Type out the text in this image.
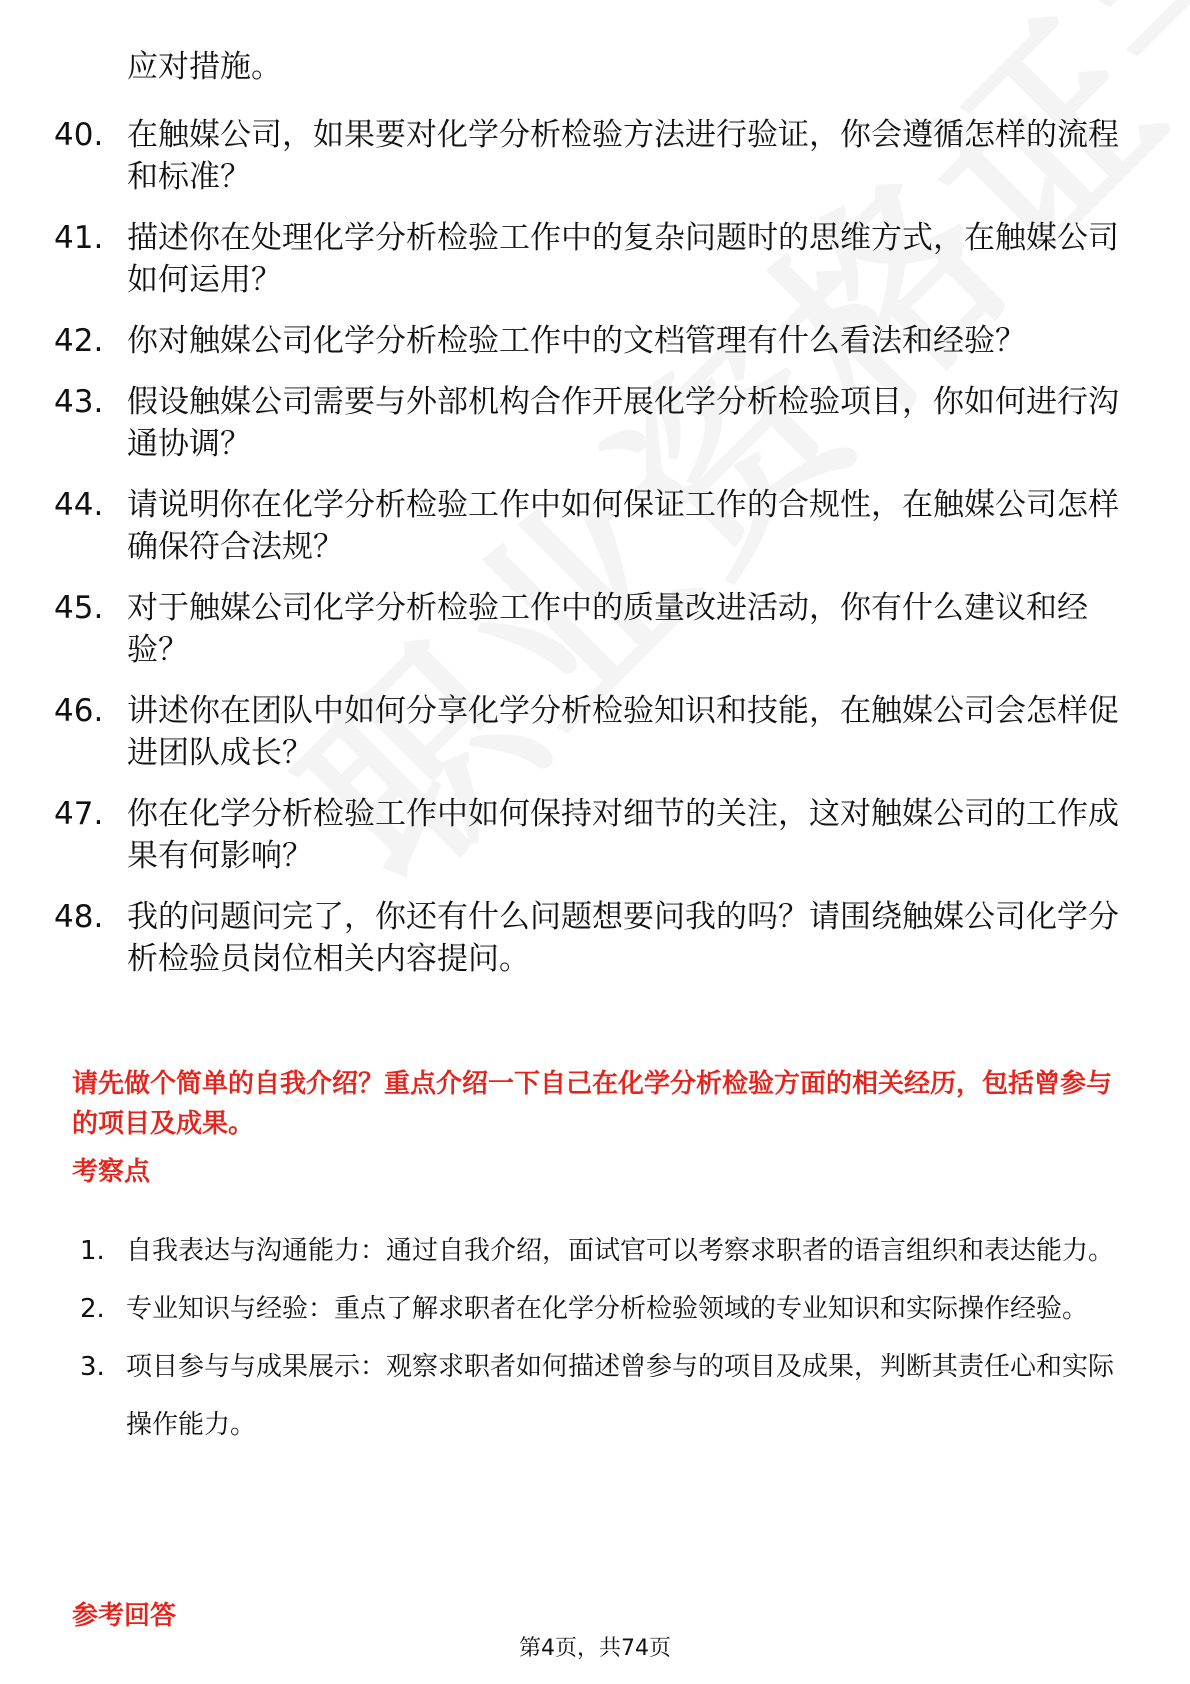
应对措施。
40. 在触媒公司，如果要对化学分析检验方法进行验证，你会遵循怎样的流程和标准？
41. 描述你在处理化学分析检验工作中的复杂问题时的思维方式，在触媒公司如何运用？
42. 你对触媒公司化学分析检验工作中的文档管理有什么看法和经验？
43. 假设触媒公司需要与外部机构合作开展化学分析检验项目，你如何进行沟通协调？
44. 请说明你在化学分析检验工作中如何保证工作的合规性，在触媒公司怎样确保符合法规？
45. 对于触媒公司化学分析检验工作中的质量改进活动，你有什么建议和经验？
46. 讲述你在团队中如何分享化学分析检验知识和技能，在触媒公司会怎样促进团队成长？
47. 你在化学分析检验工作中如何保持对细节的关注，这对触媒公司的工作成果有何影响？
48. 我的问题问完了，你还有什么问题想要问我的吗？请围绕触媒公司化学分析检验员岗位相关内容提问。
请先做个简单的自我介绍？重点介绍一下自己在化学分析检验方面的相关经历，包括曾参与的项目及成果。
考察点
1. 自我表达与沟通能力：通过自我介绍，面试官可以考察求职者的语言组织和表达能力。
2. 专业知识与经验：重点了解求职者在化学分析检验领域的专业知识和实际操作经验。
3. 项目参与与成果展示：观察求职者如何描述曾参与的项目及成果，判断其责任心和实际操作能力。
参考回答
第4页，共74页
